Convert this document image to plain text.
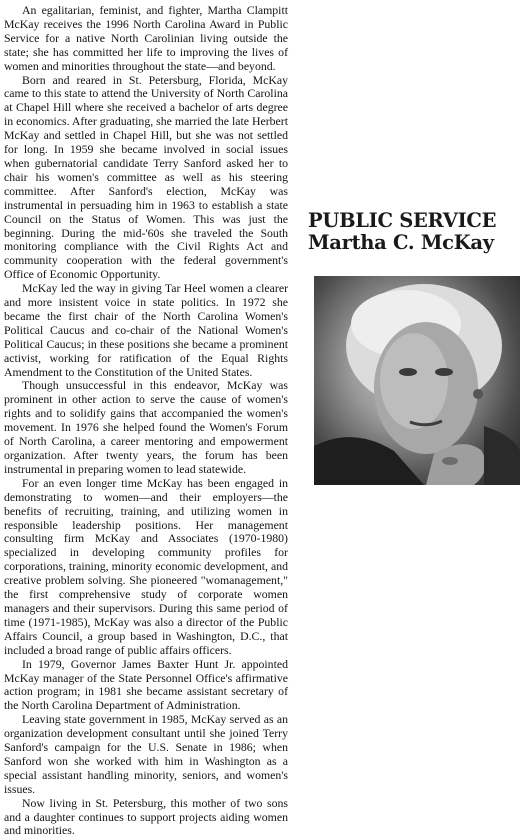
An egalitarian, feminist, and fighter, Martha Clampitt McKay receives the 1996 North Carolina Award in Public Service for a native North Carolinian living outside the state; she has committed her life to improving the lives of women and minorities throughout the state—and beyond.

Born and reared in St. Petersburg, Florida, McKay came to this state to attend the University of North Carolina at Chapel Hill where she received a bachelor of arts degree in economics. After graduating, she married the late Herbert McKay and settled in Chapel Hill, but she was not settled for long. In 1959 she became involved in social issues when gubernatorial candidate Terry Sanford asked her to chair his women's committee as well as his steering committee. After Sanford's election, McKay was instrumental in persuading him in 1963 to establish a state Council on the Status of Women. This was just the beginning. During the mid-'60s she traveled the South monitoring compliance with the Civil Rights Act and community cooperation with the federal government's Office of Economic Opportunity.

McKay led the way in giving Tar Heel women a clearer and more insistent voice in state politics. In 1972 she became the first chair of the North Carolina Women's Political Caucus and co-chair of the National Women's Political Caucus; in these positions she became a prominent activist, working for ratification of the Equal Rights Amendment to the Constitution of the United States.

Though unsuccessful in this endeavor, McKay was prominent in other action to serve the cause of women's rights and to solidify gains that accompanied the women's movement. In 1976 she helped found the Women's Forum of North Carolina, a career mentoring and empowerment organization. After twenty years, the forum has been instrumental in preparing women to lead statewide.

For an even longer time McKay has been engaged in demonstrating to women—and their employers—the benefits of recruiting, training, and utilizing women in responsible leadership positions. Her management consulting firm McKay and Associates (1970-1980) specialized in developing community profiles for corporations, training, minority economic development, and creative problem solving. She pioneered "womanagement," the first comprehensive study of corporate women managers and their supervisors. During this same period of time (1971-1985), McKay was also a director of the Public Affairs Council, a group based in Washington, D.C., that included a broad range of public affairs officers.

In 1979, Governor James Baxter Hunt Jr. appointed McKay manager of the State Personnel Office's affirmative action program; in 1981 she became assistant secretary of the North Carolina Department of Administration.

Leaving state government in 1985, McKay served as an organization development consultant until she joined Terry Sanford's campaign for the U.S. Senate in 1986; when Sanford won she worked with him in Washington as a special assistant handling minority, seniors, and women's issues.

Now living in St. Petersburg, this mother of two sons and a daughter continues to support projects aiding women and minorities.

PUBLIC SERVICE
Martha C. McKay
